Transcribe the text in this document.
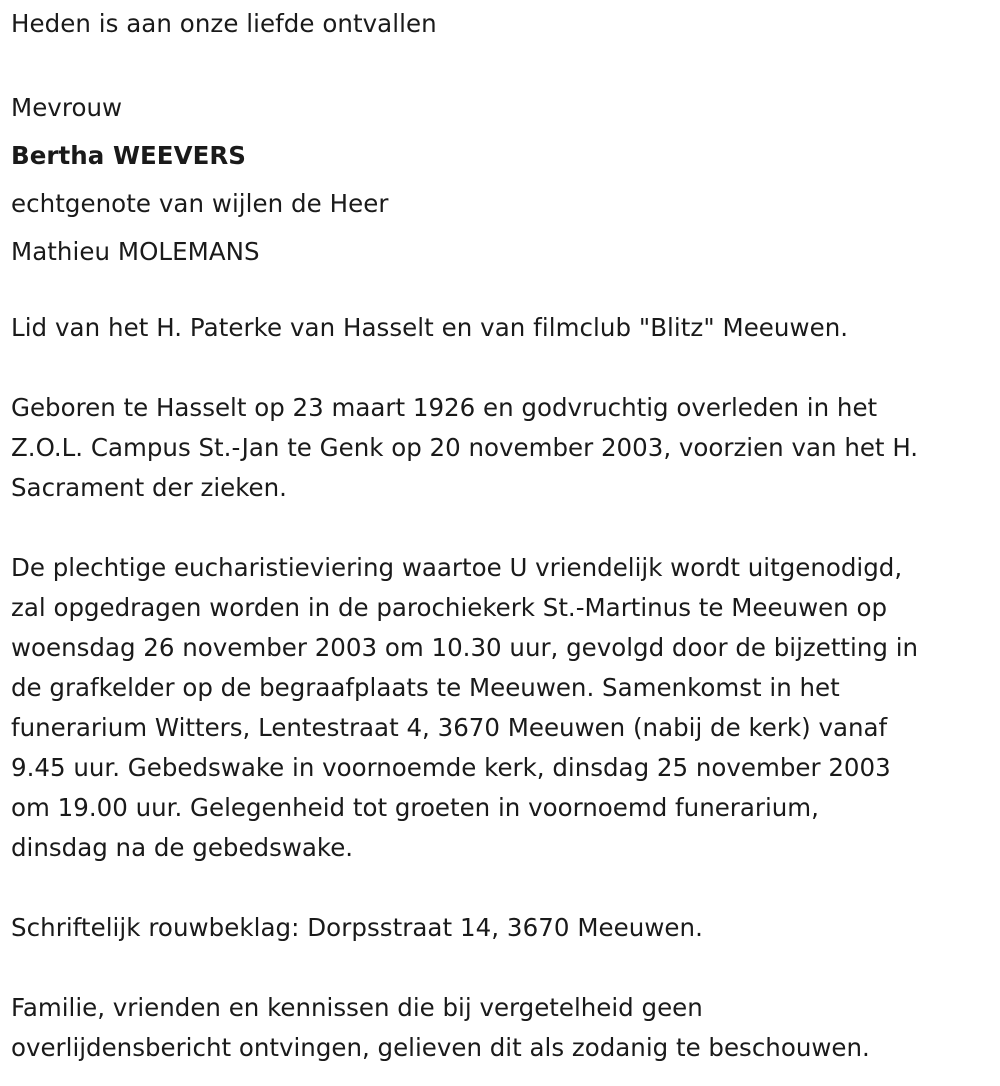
Heden is aan onze liefde ontvallen
Mevrouw
Bertha WEEVERS
echtgenote van wijlen de Heer
Mathieu MOLEMANS
Lid van het H. Paterke van Hasselt en van filmclub "Blitz" Meeuwen.
Geboren te Hasselt op 23 maart 1926 en godvruchtig overleden in het
Z.O.L. Campus St.-Jan te Genk op 20 november 2003, voorzien van het H.
Sacrament der zieken.
De plechtige eucharistieviering waartoe U vriendelijk wordt uitgenodigd,
zal opgedragen worden in de parochiekerk St.-Martinus te Meeuwen op
woensdag 26 november 2003 om 10.30 uur, gevolgd door de bijzetting in
de grafkelder op de begraafplaats te Meeuwen. Samenkomst in het
funerarium Witters, Lentestraat 4, 3670 Meeuwen (nabij de kerk) vanaf
9.45 uur. Gebedswake in voornoemde kerk, dinsdag 25 november 2003
om 19.00 uur. Gelegenheid tot groeten in voornoemd funerarium,
dinsdag na de gebedswake.
Schriftelijk rouwbeklag: Dorpsstraat 14, 3670 Meeuwen.
Familie, vrienden en kennissen die bij vergetelheid geen
overlijdensbericht ontvingen, gelieven dit als zodanig te beschouwen.
